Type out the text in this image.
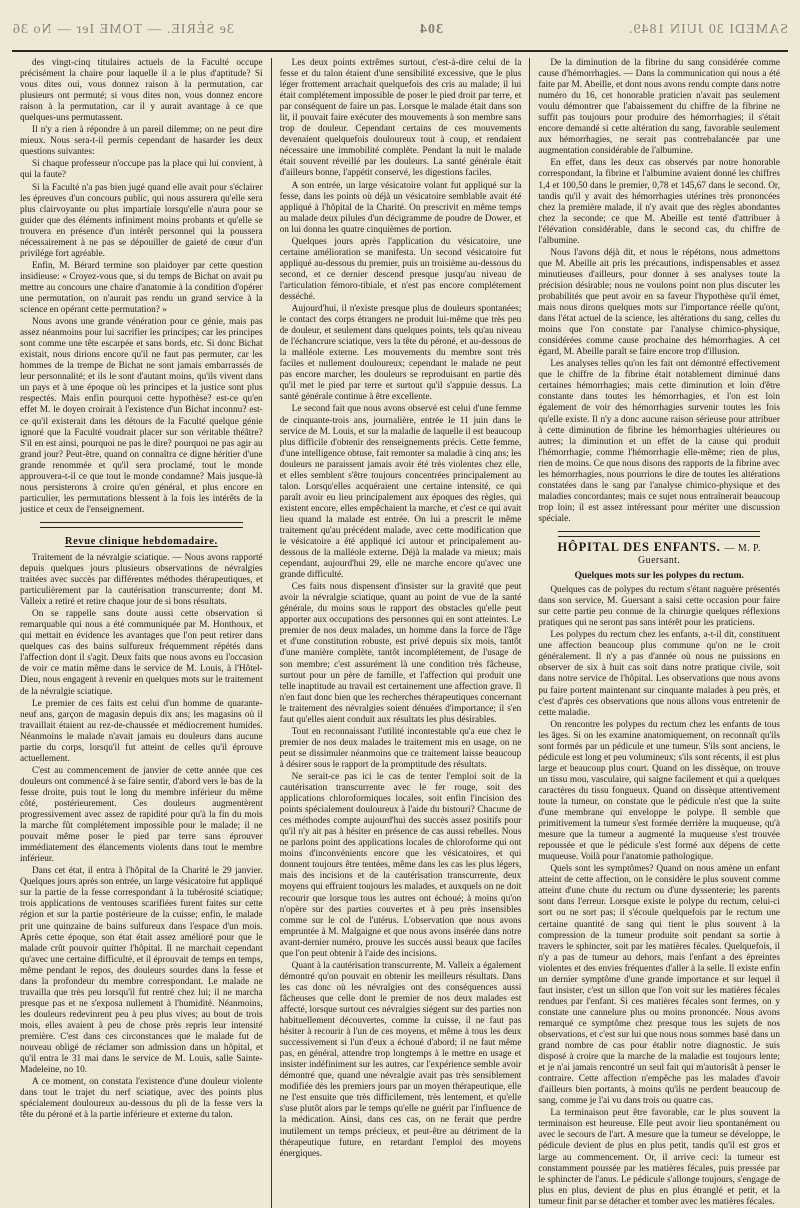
3e SÉRIE. — TOME Ier — No 36	304	SAMEDI 30 JUIN 1849.

des vingt-cinq titulaires actuels de la Faculté occupe précisément la chaire pour laquelle il a le plus d'aptitude? Si vous dites oui, vous donnez raison à la permutation, car plusieurs ont permuté; si vous dites non, vous donnez encore raison à la permutation, car il y aurait avantage à ce que quelques-uns permutassent.

Il n'y a rien à répondre à un pareil dilemme; on ne peut dire mieux. Nous sera-t-il permis cependant de hasarder les deux questions suivantes:

Si chaque professeur n'occupe pas la place qui lui convient, à qui la faute?

Si la Faculté n'a pas bien jugé quand elle avait pour s'éclairer les épreuves d'un concours public, qui nous assurera qu'elle sera plus clairvoyante ou plus impartiale lorsqu'elle n'aura pour se guider que des éléments infiniment moins probants et qu'elle se trouvera en présence d'un intérêt personnel qui la poussera nécessairement à ne pas se dépouiller de gaieté de cœur d'un privilége fort agréable.

Enfin, M. Bérard termine son plaidoyer par cette question insidieuse: « Croyez-vous que, si du temps de Bichat on avait pu mettre au concours une chaire d'anatomie à la condition d'opérer une permutation, on n'aurait pas rendu un grand service à la science en opérant cette permutation? »

Nous avons une grande vénération pour ce génie, mais pas assez néanmoins pour lui sacrifier les principes; car les principes sont comme une tête escarpée et sans bords, etc. Si donc Bichat existait, nous dirions encore qu'il ne faut pas permuter, car les hommes de la trempe de Bichat ne sont jamais embarrassés de leur personnalité; et ils le sont d'autant moins, qu'ils vivent dans un pays et à une époque où les principes et la justice sont plus respectés. Mais enfin pourquoi cette hypothèse? est-ce qu'en effet M. le doyen croirait à l'existence d'un Bichat inconnu? est-ce qu'il existerait dans les détours de la Faculté quelque génie ignoré que la Faculté voudrait placer sur son véritable théâtre? S'il en est ainsi, pourquoi ne pas le dire? pourquoi ne pas agir au grand jour? Peut-être, quand on connaîtra ce digne héritier d'une grande renommée et qu'il sera proclamé, tout le monde approuvera-t-il ce que tout le monde condamne? Mais jusque-là nous persisterons à croire qu'en général, et plus encore en particulier, les permutations blessent à la fois les intérêts de la justice et ceux de l'enseignement.

Revue clinique hebdomadaire.

Traitement de la névralgie sciatique. — Nous avons rapporté depuis quelques jours plusieurs observations de névralgies traitées avec succès par différentes méthodes thérapeutiques, et particulièrement par la cautérisation transcurrente; dont M. Valleix a retiré et retire chaque jour de si bons résultats.

On se rappelle sans doute aussi cette observation si remarquable qui nous a été communiquée par M. Honthoux, et qui mettait en évidence les avantages que l'on peut retirer dans quelques cas des bains sulfureux fréquemment répétés dans l'affection dont il s'agit. Deux faits que nous avons eu l'occasion de voir ce matin même dans le service de M. Louis, à l'Hôtel-Dieu, nous engagent à revenir en quelques mots sur le traitement de la névralgie sciatique.

Le premier de ces faits est celui d'un homme de quarante-neuf ans, garçon de magasin depuis dix ans; les magasins où il travaillait étaient au rez-de-chaussée et médiocrement humides. Néanmoins le malade n'avait jamais eu douleurs dans aucune partie du corps, lorsqu'il fut atteint de celles qu'il éprouve actuellement.

C'est au commencement de janvier de cette année que ces douleurs ont commencé à se faire sentir, d'abord vers le bas de la fesse droite, puis tout le long du membre inférieur du même côté, postérieurement. Ces douleurs augmentèrent progressivement avec assez de rapidité pour qu'à la fin du mois la marche fût complétement impossible pour le malade; il ne pouvait même poser le pied par terre sans éprouver immédiatement des élancements violents dans tout le membre inférieur.

Dans cet état, il entra à l'hôpital de la Charité le 29 janvier. Quelques jours après son entrée, un large vésicatoire fut appliqué sur la partie de la fesse correspondant à la tubérosité sciatique; trois applications de ventouses scarifiées furent faites sur cette région et sur la partie postérieure de la cuisse; enfin, le malade prit une quinzaine de bains sulfureux dans l'espace d'un mois. Après cette époque, son état était assez amélioré pour que le malade crût pouvoir quitter l'hôpital. Il ne marchait cependant qu'avec une certaine difficulté, et il éprouvait de temps en temps, même pendant le repos, des douleurs sourdes dans la fesse et dans la profondeur du membre correspondant. Le malade ne travailla que très peu lorsqu'il fut rentré chez lui; il ne marcha presque pas et ne s'exposa nullement à l'humidité. Néanmoins, les douleurs redevinrent peu à peu plus vives; au bout de trois mois, elles avaient à peu de chose près repris leur intensité première. C'est dans ces circonstances que le malade fut de nouveau obligé de réclamer son admission dans un hôpital, et qu'il entra le 31 mai dans le service de M. Louis, salle Sainte-Madeleine, no 10.

A ce moment, on constata l'existence d'une douleur violente dans tout le trajet du nerf sciatique, avec des points plus spécialement douloureux au-dessous du pli de la fesse vers la tête du péroné et à la partie inférieure et externe du talon.

Les deux points extrêmes surtout, c'est-à-dire celui de la fesse et du talon étaient d'une sensibilité excessive, que le plus léger frottement arrachait quelquefois des cris au malade; il lui était complétement impossible de poser le pied droit par terre, et par conséquent de faire un pas. Lorsque le malade était dans son lit, il pouvait faire exécuter des mouvements à son membre sans trop de douleur. Cependant certains de ces mouvements devenaient quelquefois douloureux tout à coup, et rendaient nécessaire une immobilité complète. Pendant la nuit le malade était souvent réveillé par les douleurs. La santé générale était d'ailleurs bonne, l'appétit conservé, les digestions faciles.

A son entrée, un large vésicatoire volant fut appliqué sur la fesse, dans les points où déjà un vésicatoire semblable avait été appliqué à l'hôpital de la Charité. On prescrivit en même temps au malade deux pilules d'un décigramme de poudre de Dower, et on lui donna les quatre cinquièmes de portion.

Quelques jours après l'application du vésicatoire, une certaine amélioration se manifesta. Un second vésicatoire fut appliqué au-dessous du premier, puis un troisième au-dessous du second, et ce dernier descend presque jusqu'au niveau de l'articulation fémoro-tibiale, et n'est pas encore complétement desséché.

Aujourd'hui, il n'existe presque plus de douleurs spontanées; le contact des corps étrangers ne produit lui-même que très peu de douleur, et seulement dans quelques points, tels qu'au niveau de l'échancrure sciatique, vers la tête du péroné, et au-dessous de la malléole externe. Les mouvements du membre sont très faciles et nullement douloureux; cependant le malade ne peut pas encore marcher, les douleurs se reproduisant en partie dès qu'il met le pied par terre et surtout qu'il s'appuie dessus. La santé générale continue à être excellente.

Le second fait que nous avons observé est celui d'une femme de cinquante-trois ans, journalière, entrée le 11 juin dans le service de M. Louis, et sur la maladie de laquelle il est beaucoup plus difficile d'obtenir des renseignements précis. Cette femme, d'une intelligence obtuse, fait remonter sa maladie à cinq ans; les douleurs ne paraissent jamais avoir été très violentes chez elle, et elles semblent s'être toujours concentrées principalement au talon. Lorsqu'elles acquéraient une certaine intensité, ce qui paraît avoir eu lieu principalement aux époques des règles, qui existent encore, elles empêchaient la marche, et c'est ce qui avait lieu quand la malade est entrée. On lui a prescrit le même traitement qu'au précédent malade, avec cette modification que le vésicatoire a été appliqué ici autour et principalement au-dessous de la malléole externe. Déjà la malade va mieux; mais cependant, aujourd'hui 29, elle ne marche encore qu'avec une grande difficulté.

Ces faits nous dispensent d'insister sur la gravité que peut avoir la névralgie sciatique, quant au point de vue de la santé générale, du moins sous le rapport des obstacles qu'elle peut apporter aux occupations des personnes qui en sont atteintes. Le premier de nos deux malades, un homme dans la force de l'âge et d'une constitution robuste, est privé depuis six mois, tantôt d'une manière complète, tantôt incomplétement, de l'usage de son membre; c'est assurément là une condition très fâcheuse, surtout pour un père de famille, et l'affection qui produit une telle inaptitude au travail est certainement une affection grave. Il n'en faut donc bien que les recherches thérapeutiques concernant le traitement des névralgies soient dénuées d'importance; il s'en faut qu'elles aient conduit aux résultats les plus désirables.

Tout en reconnaissant l'utilité incontestable qu'a eue chez le premier de nos deux malades le traitement mis en usage, on ne peut se dissimuler néanmoins que ce traitement laisse beaucoup à désirer sous le rapport de la promptitude des résultats.

Ne serait-ce pas ici le cas de tenter l'emploi soit de la cautérisation transcurrente avec le fer rouge, soit des applications chloroformiques locales, soit enfin l'incision des points spécialement douloureux à l'aide du bistouri? Chacune de ces méthodes compte aujourd'hui des succès assez positifs pour qu'il n'y ait pas à hésiter en présence de cas aussi rebelles. Nous ne parlons point des applications locales de chloroforme qui ont moins d'inconvénients encore que les vésicatoires, et qui donnent toujours être tentées, même dans les cas les plus légers, mais des incisions et de la cautérisation transcurrente, deux moyens qui effraient toujours les malades, et auxquels on ne doit recourir que lorsque tous les autres ont échoué; à moins qu'on n'opère sur des parties couvertes et à peu près insensibles comme sur le col de l'utérus. L'observation que nous avons empruntée à M. Malgaigne et que nous avons insérée dans notre avant-dernier numéro, prouve les succès aussi beaux que faciles que l'on peut obtenir à l'aide des incisions.

Quant à la cautérisation transcurrente, M. Valleix a également démontré qu'on pouvait en obtenir les meilleurs résultats. Dans les cas donc où les névralgies ont des conséquences aussi fâcheuses que celle dont le premier de nos deux malades est affecté, lorsque surtout ces névralgies siégent sur des parties non habituellement découvertes, comme la cuisse, il ne faut pas hésiter à recourir à l'un de ces moyens, et même à tous les deux successivement si l'un d'eux a échoué d'abord; il ne faut même pas, en général, attendre trop longtemps à le mettre en usage et insister indéfiniment sur les autres, car l'expérience semble avoir démontré que, quand une névralgie avait pas très sensiblement modifiée dès les premiers jours par un moyen thérapeutique, elle ne l'est ensuite que très difficilement, très lentement, et qu'elle s'use plutôt alors par le temps qu'elle ne guérit par l'influence de la médication. Ainsi, dans ces cas, on ne ferait que perdre inutilement un temps précieux, et peut-être au détriment de la thérapeutique future, en retardant l'emploi des moyens énergiques.

De la diminution de la fibrine du sang considérée comme cause d'hémorrhagies. — Dans la communication qui nous a été faite par M. Abeille, et dont nous avons rendu compte dans notre numéro du 16, cet honorable praticien n'avait pas seulement voulu démontrer que l'abaissement du chiffre de la fibrine ne suffit pas toujours pour produire des hémorrhagies; il s'était encore demandé si cette altération du sang, favorable seulement aux hémorrhagies, ne serait pas contrebalancée par une augmentation considérable de l'albumine.

En effet, dans les deux cas observés par notre honorable correspondant, la fibrine et l'albumine avaient donné les chiffres 1,4 et 100,50 dans le premier, 0,78 et 145,67 dans le second. Or, tandis qu'il y avait des hémorrhagies utérines très prononcées chez la première malade, il n'y avait que des règles abondantes chez la seconde; ce que M. Abeille est tenté d'attribuer à l'élévation considérable, dans le second cas, du chiffre de l'albumine.

Nous l'avons déjà dit, et nous le répétons, nous admettons que M. Abeille ait pris les précautions, indispensables et assez minutieuses d'ailleurs, pour donner à ses analyses toute la précision désirable; nous ne voulons point non plus discuter les probabilités que peut avoir en sa faveur l'hypothèse qu'il émet, mais nous dirons quelques mots sur l'importance réelle qu'ont, dans l'état actuel de la science, les altérations du sang, celles du moins que l'on constate par l'analyse chimico-physique, considérées comme cause prochaine des hémorrhagies. A cet égard, M. Abeille paraît se faire encore trop d'illusion.

Les analyses telles qu'on les fait ont démontré effectivement que le chiffre de la fibrine était notablement diminué dans certaines hémorrhagies; mais cette diminution et loin d'être constante dans toutes les hémorrhagies, et l'on est loin également de voir des hémorrhagies survenir toutes les fois qu'elle existe. Il n'y a donc aucune raison sérieuse pour attribuer à cette diminution de fibrine les hémorrhagies ultérieures ou autres; la diminution et un effet de la cause qui produit l'hémorrhagie, comme l'hémorrhagie elle-même; rien de plus, rien de moins. Ce que nous disons des rapports de la fibrine avec les hémorrhagies, nous pourrions le dire de toutes les altérations constatées dans le sang par l'analyse chimico-physique et des maladies concordantes; mais ce sujet nous entraînerait beaucoup trop loin; il est assez intéressant pour mériter une discussion spéciale.

HÔPITAL DES ENFANTS. — M. P. Guersant.
Quelques mots sur les polypes du rectum.

Quelques cas de polypes du rectum s'étant naguère présentés dans son service, M. Guersant a saisi cette occasion pour faire sur cette partie peu connue de la chirurgie quelques réflexions pratiques qui ne seront pas sans intérêt pour les praticiens.

Les polypes du rectum chez les enfants, a-t-il dit, constituent une affection beaucoup plus commune qu'on ne le croit généralement. Il n'y a pas d'année où nous ne puissions en observer de six à huit cas soit dans notre pratique civile, soit dans notre service de l'hôpital. Les observations que nous avons pu faire portent maintenant sur cinquante malades à peu près, et c'est d'après ces observations que nous allons vous entretenir de cette maladie.

On rencontre les polypes du rectum chez les enfants de tous les âges. Si on les examine anatomiquement, on reconnaît qu'ils sont formés par un pédicule et une tumeur. S'ils sont anciens, le pédicule est long et peu volumineux; s'ils sont récents, il est plus large et beaucoup plus court. Quand on les dissèque, on trouve un tissu mou, vasculaire, qui saigne facilement et qui a quelques caractères du tissu fongueux. Quand on dissèque attentivement toute la tumeur, on constate que le pédicule n'est que la suite d'une membrane qui enveloppe le polype. Il semble que primitivement la tumeur s'est formée derrière la muqueuse, qu'à mesure que la tumeur a augmenté la muqueuse s'est trouvée repoussée et que le pédicule s'est formé aux dépens de cette muqueuse. Voilà pour l'anatomie pathologique.

Quels sont les symptômes? Quand on nous amène un enfant atteint de cette affection, on le considère le plus souvent comme atteint d'une chute du rectum ou d'une dyssenterie; les parents sont dans l'erreur. Lorsque existe le polype du rectum, celui-ci sort ou ne sort pas; il s'écoule quelquefois par le rectum une certaine quantité de sang qui tient le plus souvent à la compression de la tumeur produite soit pendant sa sortie à travers le sphincter, soit par les matières fécales. Quelquefois, il n'y a pas de tumeur au dehors, mais l'enfant a des épreintes violentes et des envies fréquentes d'aller à la selle. Il existe enfin un dernier symptôme d'une grande importance et sur lequel il faut insister, c'est un sillon que l'on voit sur les matières fécales rendues par l'enfant. Si ces matières fécales sont fermes, on y constate une cannelure plus ou moins prononcée. Nous avons remarqué ce symptôme chez presque tous les sujets de nos observations, et c'est sur lui que nous nous sommes basé dans un grand nombre de cas pour établir notre diagnostic. Je suis disposé à croire que la marche de la maladie est toujours lente; et je n'ai jamais rencontré un seul fait qui m'autorisât à penser le contraire. Cette affection n'empêche pas les malades d'avoir d'ailleurs bien portants, à moins qu'ils ne perdent beaucoup de sang, comme je l'ai vu dans trois ou quatre cas.

La terminaison peut être favorable, car le plus souvent la terminaison est heureuse. Elle peut avoir lieu spontanément ou avec le secours de l'art. A mesure que la tumeur se développe, le pédicule devient de plus en plus petit, tandis qu'il est gros et large au commencement. Or, il arrive ceci: la tumeur est constamment poussée par les matières fécales, puis pressée par le sphincter de l'anus. Le pédicule s'allonge toujours, s'engage de plus en plus, devient de plus en plus étranglé et petit, et la tumeur finit par se détacher et tomber avec les matières fécales.
